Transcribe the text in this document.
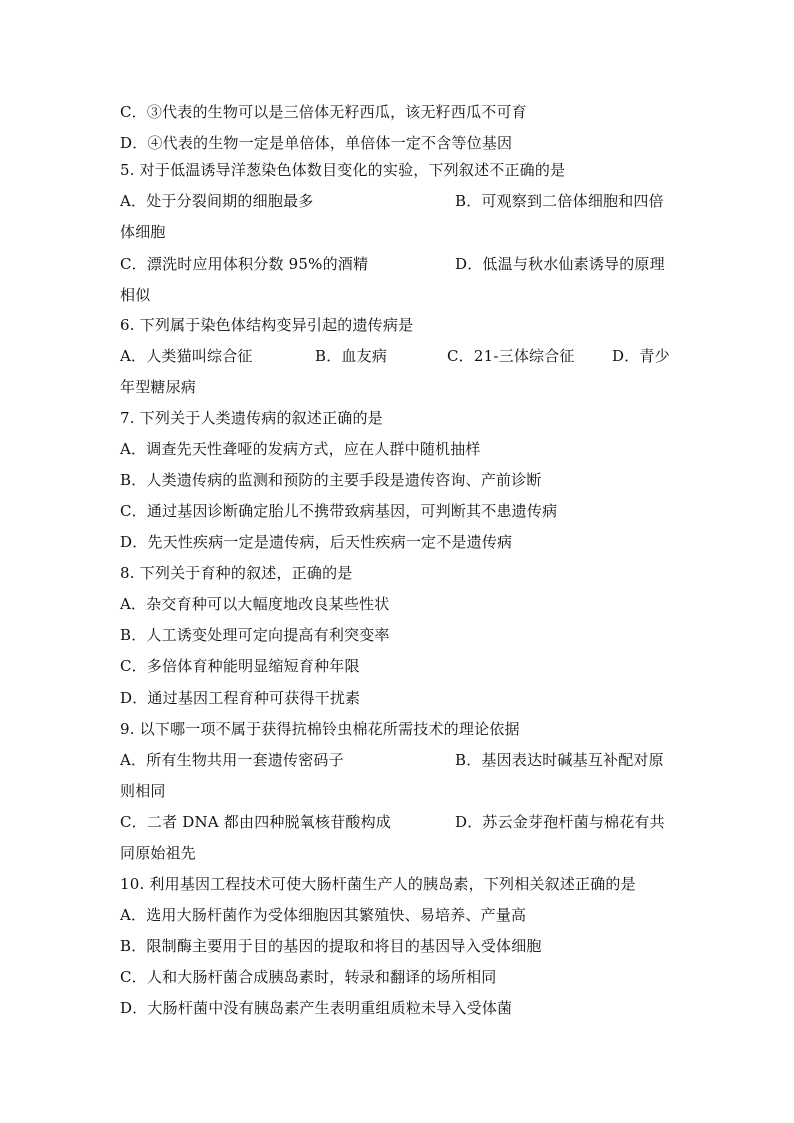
C．③代表的生物可以是三倍体无籽西瓜，该无籽西瓜不可育
D．④代表的生物一定是单倍体，单倍体一定不含等位基因
5. 对于低温诱导洋葱染色体数目变化的实验，下列叙述不正确的是
A．处于分裂间期的细胞最多	B．可观察到二倍体细胞和四倍
体细胞
C．漂洗时应用体积分数 95%的酒精	D．低温与秋水仙素诱导的原理
相似
6. 下列属于染色体结构变异引起的遗传病是
A．人类猫叫综合征	B．血友病	C．21-三体综合征 D．青少
年型糖尿病
7. 下列关于人类遗传病的叙述正确的是
A．调查先天性聋哑的发病方式，应在人群中随机抽样
B．人类遗传病的监测和预防的主要手段是遗传咨询、产前诊断
C．通过基因诊断确定胎儿不携带致病基因，可判断其不患遗传病
D．先天性疾病一定是遗传病，后天性疾病一定不是遗传病
8. 下列关于育种的叙述，正确的是
A．杂交育种可以大幅度地改良某些性状
B．人工诱变处理可定向提高有利突变率
C．多倍体育种能明显缩短育种年限
D．通过基因工程育种可获得干扰素
9. 以下哪一项不属于获得抗棉铃虫棉花所需技术的理论依据
A．所有生物共用一套遗传密码子	B．基因表达时碱基互补配对原
则相同
C．二者 DNA 都由四种脱氧核苷酸构成	D．苏云金芽孢杆菌与棉花有共
同原始祖先
10. 利用基因工程技术可使大肠杆菌生产人的胰岛素，下列相关叙述正确的是
A．选用大肠杆菌作为受体细胞因其繁殖快、易培养、产量高
B．限制酶主要用于目的基因的提取和将目的基因导入受体细胞
C．人和大肠杆菌合成胰岛素时，转录和翻译的场所相同
D．大肠杆菌中没有胰岛素产生表明重组质粒未导入受体菌
